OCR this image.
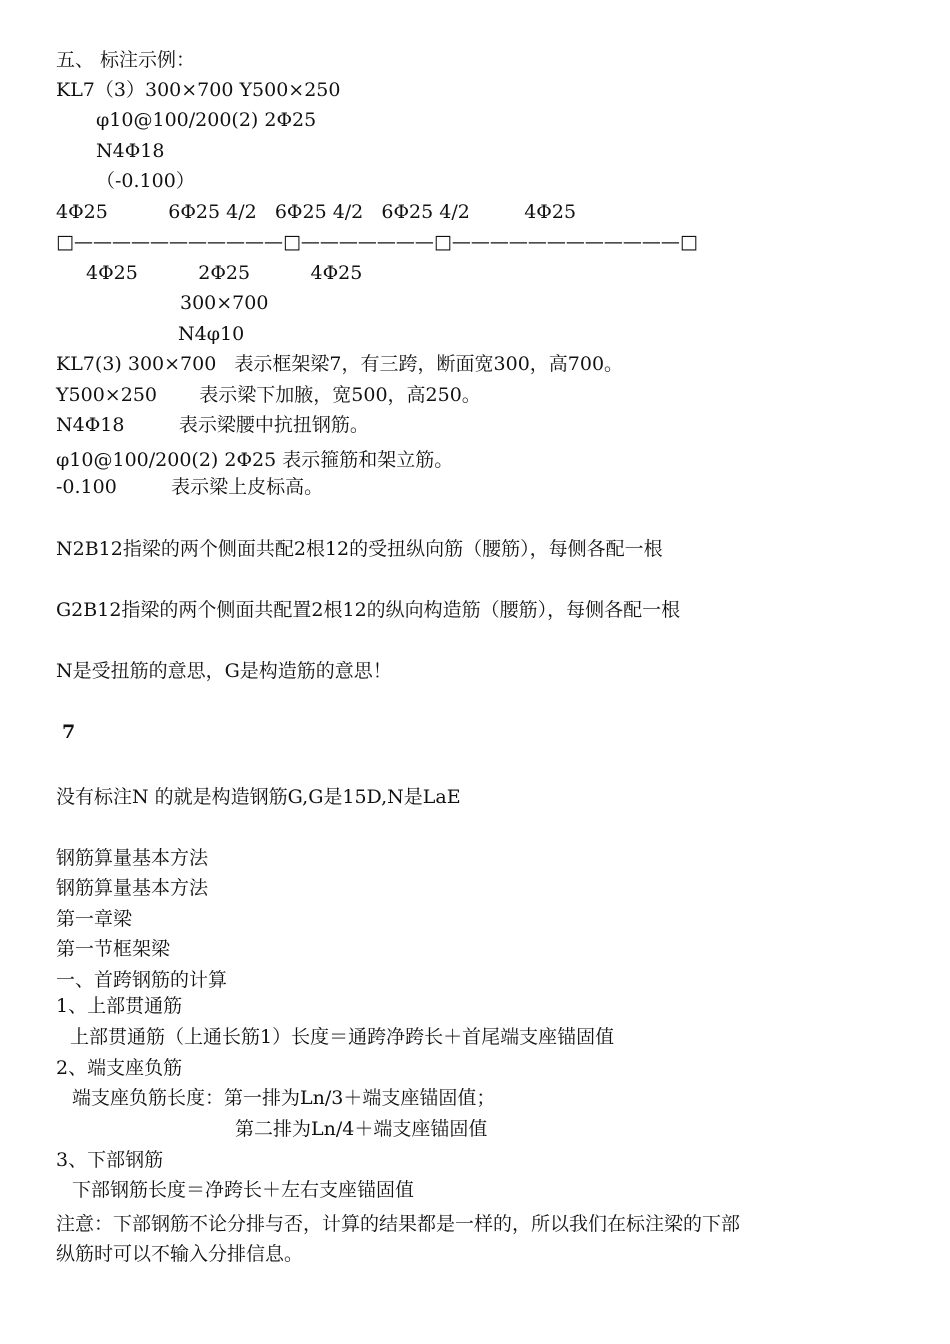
五、 标注示例：
KL7（3）300×700 Y500×250
φ10@100/200(2) 2Φ25
N4Φ18
（-0.100）
4Φ25          6Φ25 4/2   6Φ25 4/2   6Φ25 4/2         4Φ25
□———————————□———————□————————————□
4Φ25          2Φ25          4Φ25
300×700
N4φ10
KL7(3) 300×700   表示框架梁7，有三跨，断面宽300，高700。
Y500×250       表示梁下加腋，宽500，高250。
N4Φ18         表示梁腰中抗扭钢筋。
φ10@100/200(2) 2Φ25 表示箍筋和架立筋。
-0.100         表示梁上皮标高。
N2B12指梁的两个侧面共配2根12的受扭纵向筋（腰筋），每侧各配一根
G2B12指梁的两个侧面共配置2根12的纵向构造筋（腰筋），每侧各配一根
N是受扭筋的意思，G是构造筋的意思！
7
没有标注N 的就是构造钢筋G,G是15D,N是LaE
钢筋算量基本方法
钢筋算量基本方法
第一章梁
第一节框架梁
一、首跨钢筋的计算
1、上部贯通筋
上部贯通筋（上通长筋1）长度＝通跨净跨长＋首尾端支座锚固值
2、端支座负筋
端支座负筋长度：第一排为Ln/3＋端支座锚固值；
第二排为Ln/4＋端支座锚固值
3、下部钢筋
下部钢筋长度＝净跨长＋左右支座锚固值
注意：下部钢筋不论分排与否，计算的结果都是一样的，所以我们在标注梁的下部
纵筋时可以不输入分排信息。
